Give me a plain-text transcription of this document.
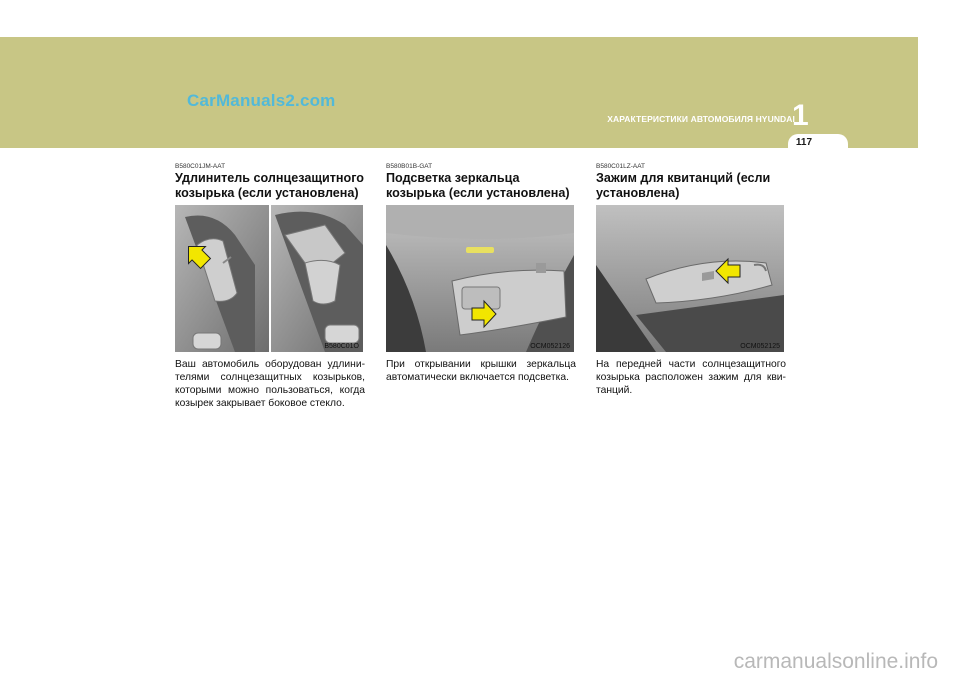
CarManuals2.com
ХАРАКТЕРИСТИКИ АВТОМОБИЛЯ HYUNDAI
1
117
B580C01JM-AAT
Удлинитель солнцезащитного козырька (если установлена)
B580C01O
Ваш автомобиль оборудован удлини-телями солнцезащитных козырьков, которыми можно пользоваться, когда козырек закрывает боковое стекло.
B580B01B-GAT
Подсветка зеркальца козырька (если установлена)
OCM052126
При открывании крышки зеркальца автоматически включается подсветка.
B580C01LZ-AAT
Зажим для квитанций (если установлена)
OCM052125
На передней части солнцезащитного козырька расположен зажим для кви-танций.
carmanualsonline.info
